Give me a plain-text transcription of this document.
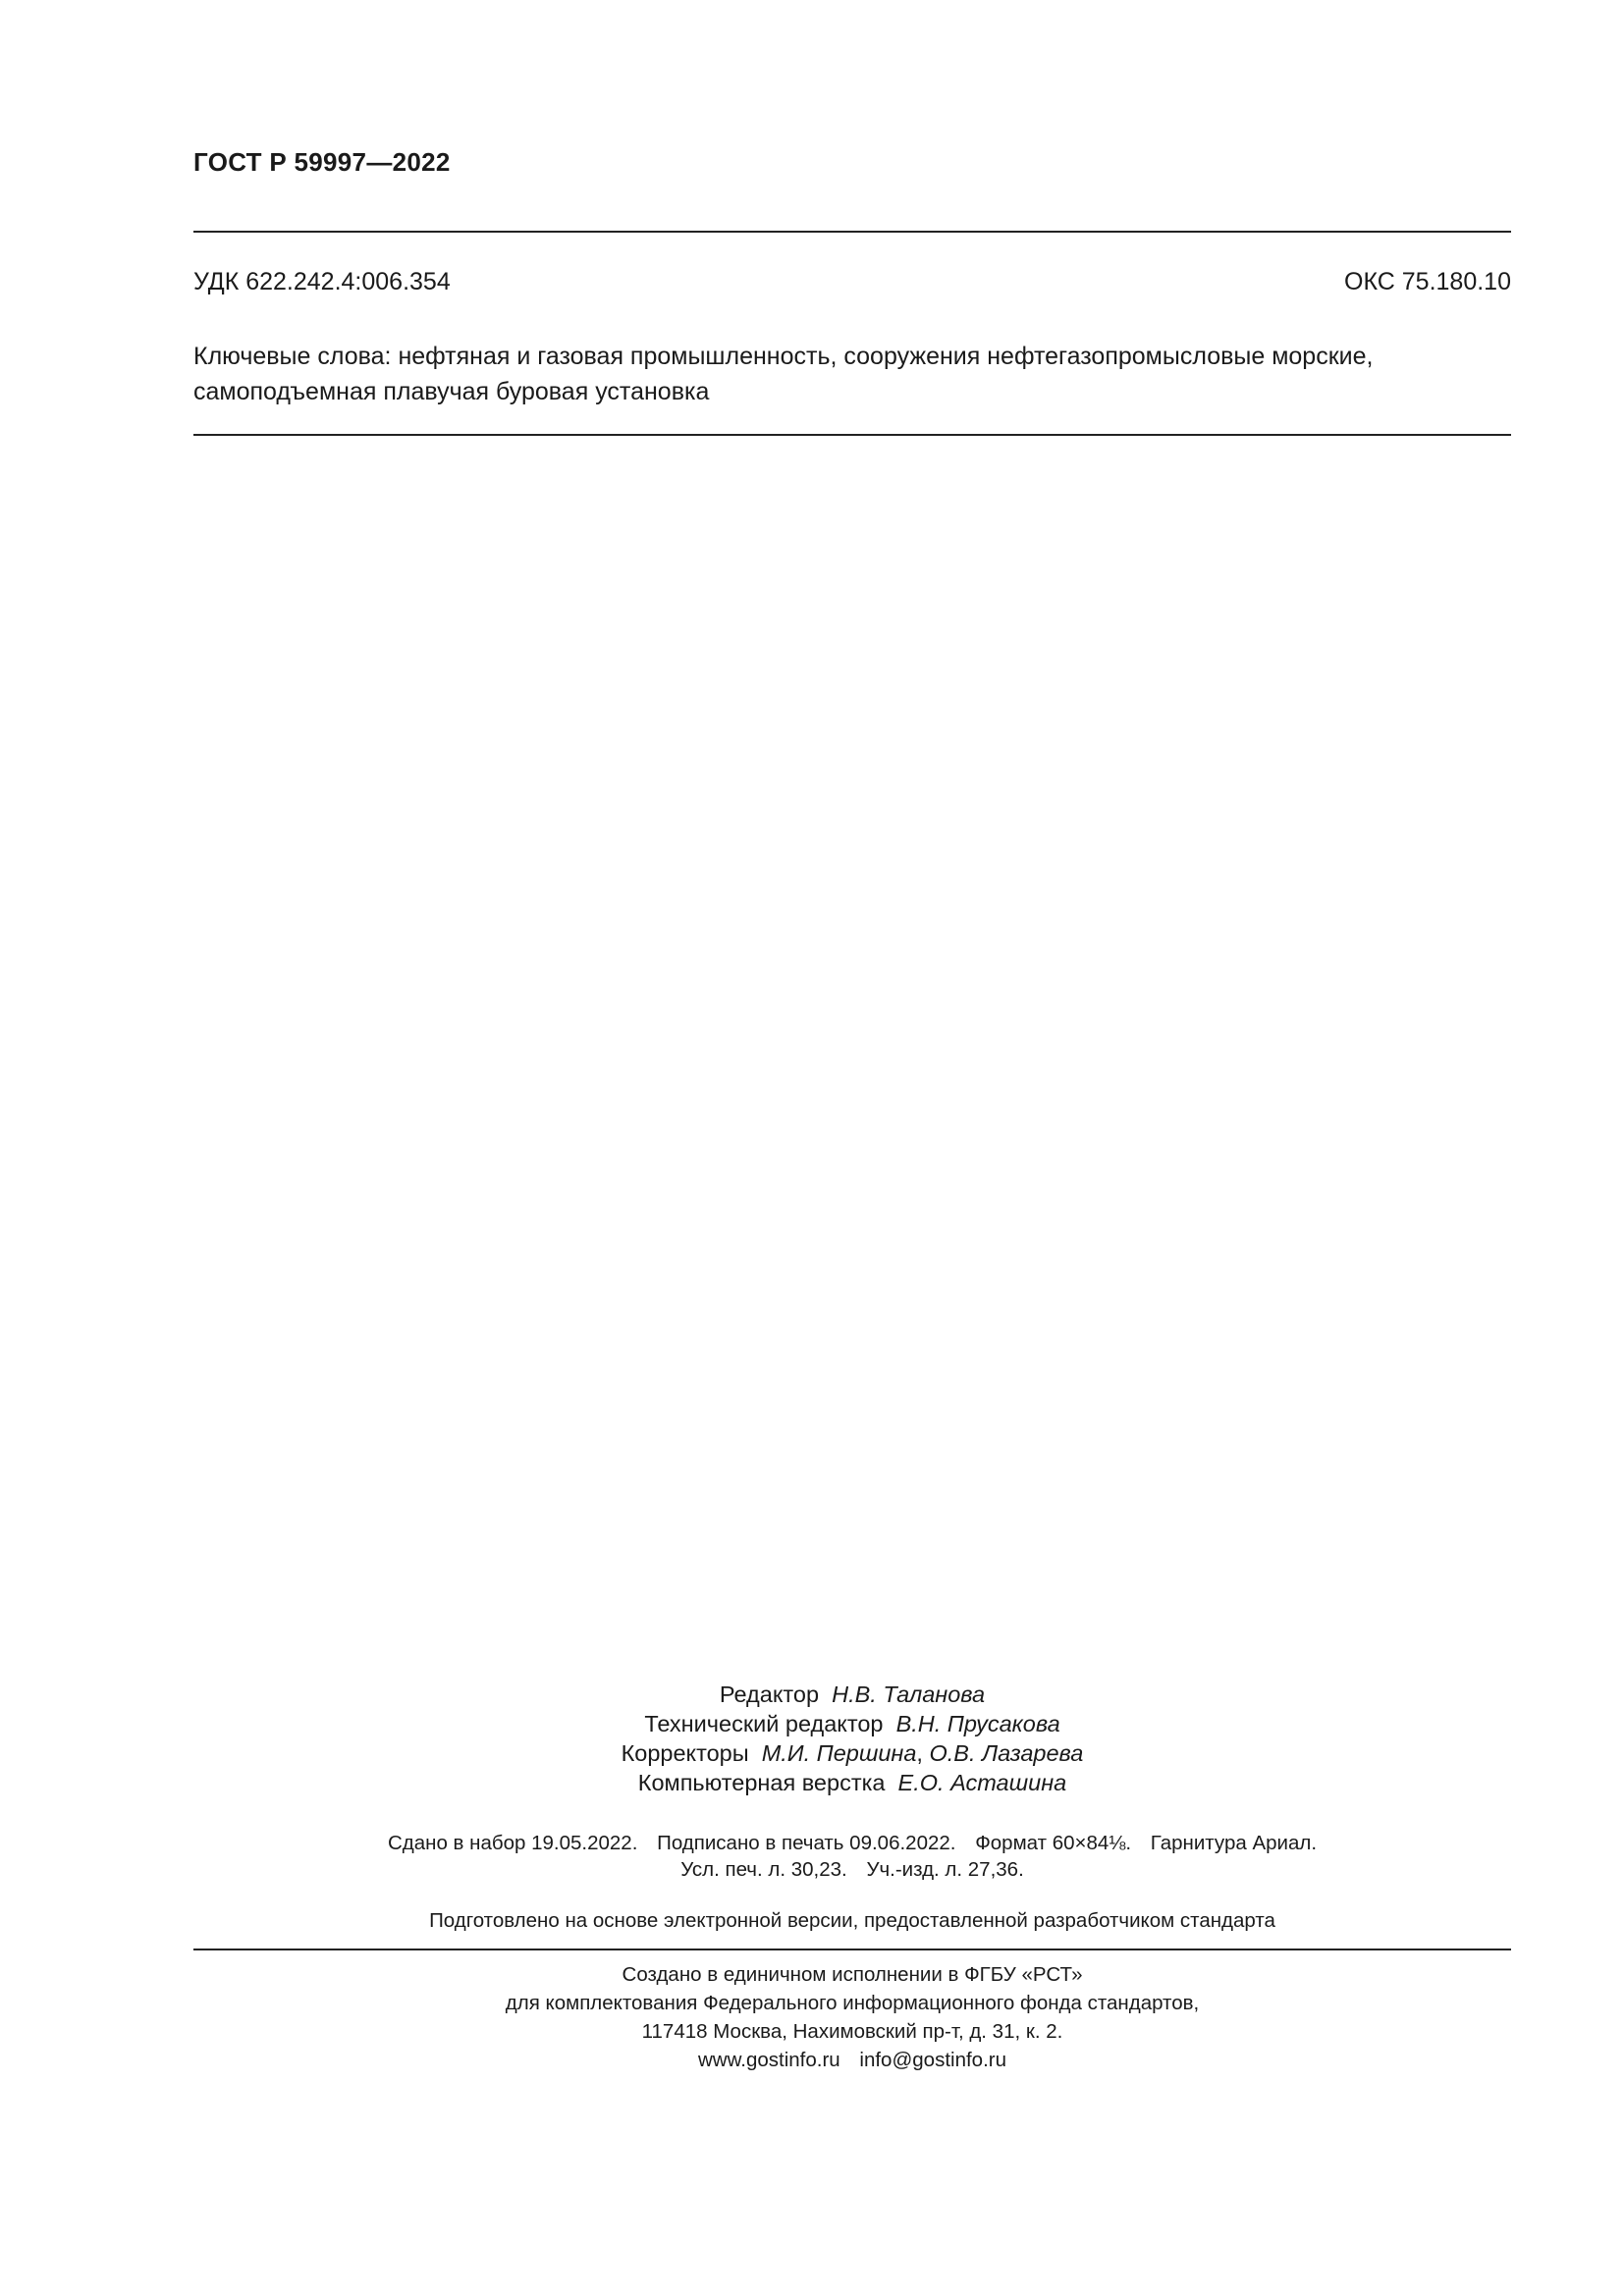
ГОСТ Р 59997—2022
УДК 622.242.4:006.354	ОКС 75.180.10
Ключевые слова: нефтяная и газовая промышленность, сооружения нефтегазопромысловые морские,
самоподъемная плавучая буровая установка
Редактор Н.В. Таланова
Технический редактор В.Н. Прусакова
Корректоры М.И. Першина, О.В. Лазарева
Компьютерная верстка Е.О. Асташина
Сдано в набор 19.05.2022. Подписано в печать 09.06.2022. Формат 60×84⅛. Гарнитура Ариал.
Усл. печ. л. 30,23. Уч.-изд. л. 27,36.
Подготовлено на основе электронной версии, предоставленной разработчиком стандарта
Создано в единичном исполнении в ФГБУ «РСТ»
для комплектования Федерального информационного фонда стандартов,
117418 Москва, Нахимовский пр-т, д. 31, к. 2.
www.gostinfo.ru info@gostinfo.ru
